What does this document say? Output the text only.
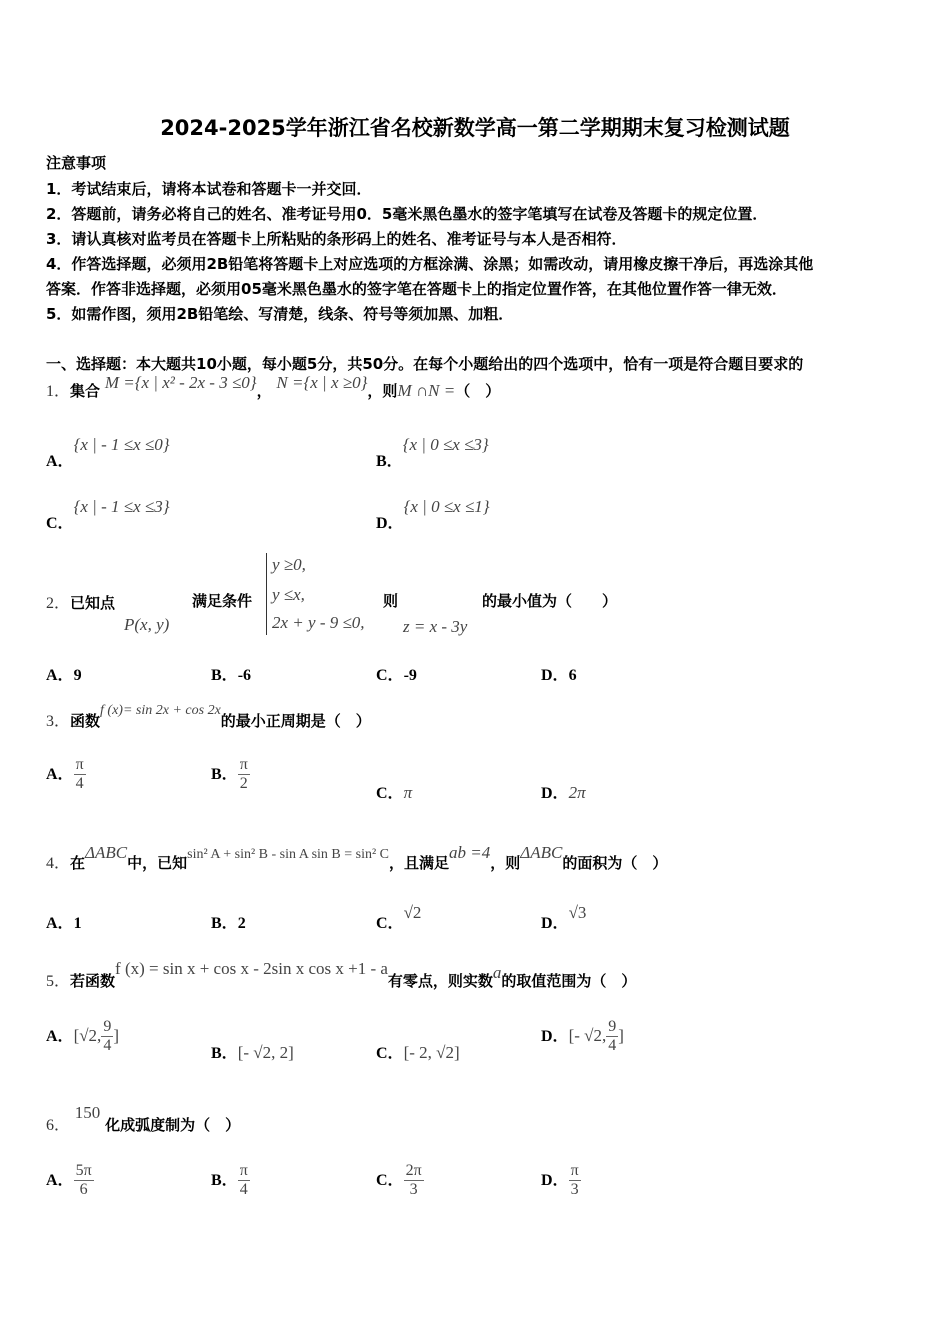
2024-2025学年浙江省名校新数学高一第二学期期末复习检测试题
注意事项
1．考试结束后，请将本试卷和答题卡一并交回．
2．答题前，请务必将自己的姓名、准考证号用0．5毫米黑色墨水的签字笔填写在试卷及答题卡的规定位置．
3．请认真核对监考员在答题卡上所粘贴的条形码上的姓名、准考证号与本人是否相符．
4．作答选择题，必须用2B铅笔将答题卡上对应选项的方框涂满、涂黑；如需改动，请用橡皮擦干净后，再选涂其他
答案．作答非选择题，必须用05毫米黑色墨水的签字笔在答题卡上的指定位置作答，在其他位置作答一律无效．
5．如需作图，须用2B铅笔绘、写清楚，线条、符号等须加黑、加粗．
一、选择题：本大题共10小题，每小题5分，共50分。在每个小题给出的四个选项中，恰有一项是符合题目要求的
1．集合 M ={x | x² - 2x - 3 ≤0}， N ={x | x ≥0}，则M ∩N =（　）
A．{x | - 1 ≤x ≤0}
B．{x | 0 ≤x ≤3}
C．{x | - 1 ≤x ≤3}
D．{x | 0 ≤x ≤1}
2．已知点
P(x, y)
满足条件
y ≥0,
y ≤x,
2x + y - 9 ≤0,
则
z = x - 3y
的最小值为（　　）
A．9	B．-6	C．-9	D．6
3．函数f (x)= sin 2x + cos 2x的最小正周期是（　）
A． $\frac{\pi}{4}$	B． $\frac{\pi}{2}$
C．π	D．2π
4．在ΔABC中，已知sin² A + sin² B - sin A sin B = sin² C，且满足ab =4，则ΔABC的面积为（　）
A．1	B．2	C．√2
D．√3
5．若函数f (x) = sin x + cos x - 2sin x cos x +1 - a有零点，则实数a的取值范围为（　）
A．[√2, $\frac{9}{4}$ ]
B．[- √2, 2]	C．[- 2, √2]
D．[- √2, $\frac{9}{4}$ ]
6． 150 化成弧度制为（　）
A． $\frac{5\pi}{6}$	B． $\frac{\pi}{4}$	C． $\frac{2\pi}{3}$	D． $\frac{\pi}{3}$
